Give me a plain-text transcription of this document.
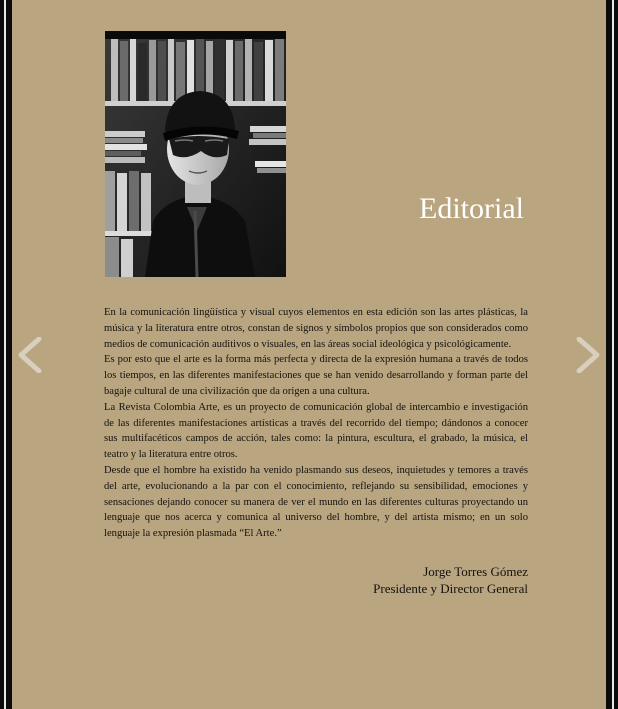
Editorial

En la comunicación lingüística y visual cuyos elementos en esta edición son las artes plásticas, la música y la literatura entre otros, constan de signos y símbolos propios que son considerados como medios de comunicación auditivos o visuales, en las áreas social ideológica y psicológicamente.

Es por esto que el arte es la forma más perfecta y directa de la expresión humana a través de todos los tiempos, en las diferentes manifestaciones que se han venido desarrollando y forman parte del bagaje cultural de una civilización que da origen a una cultura.

La Revista Colombia Arte, es un proyecto de comunicación global de intercambio e investigación de las diferentes manifestaciones artísticas a través del recorrido del tiempo; dándonos a conocer sus multifacéticos campos de acción, tales como: la pintura, escultura, el grabado, la música, el teatro y la literatura entre otros.

Desde que el hombre ha existido ha venido plasmando sus deseos, inquietudes y temores a través del arte, evolucionando a la par con el conocimiento, reflejando su sensibilidad, emociones y sensaciones dejando conocer su manera de ver el mundo en las diferentes culturas proyectando un lenguaje que nos acerca y comunica al universo del hombre, y del artista mismo; en un solo lenguaje la expresión plasmada “El Arte.”

Jorge Torres Gómez
Presidente y Director General
